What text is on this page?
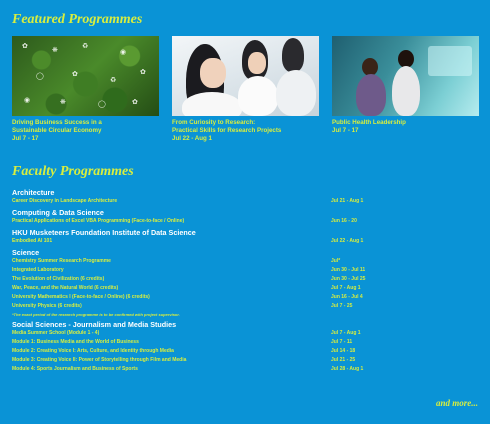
Featured Programmes
✿
❋
♻
◉
◯	✿
♻
✿
◉	❋	◯	✿
Driving Business Success in a
Sustainable Circular Economy
Jul 7 - 17
From Curiosity to Research:
Practical Skills for Research Projects
Jul 22 - Aug 1
Public Health Leadership
Jul 7 - 17
Faculty Programmes
Architecture
Career Discovery in Landscape Architecture	Jul 21 - Aug 1
Computing & Data Science
Practical Applications of Excel VBA Programming (Face-to-face / Online)	Jun 16 - 20
HKU Musketeers Foundation Institute of Data Science
Embodied AI 101	Jul 22 - Aug 1
Science
Chemistry Summer Research Programme	Jul*
Integrated Laboratory	Jun 30 - Jul 11
The Evolution of Civilization (6 credits)	Jun 30 - Jul 25
War, Peace, and the Natural World (6 credits)	Jul 7 - Aug 1
University Mathematics I (Face-to-face / Online) (6 credits)	Jun 16 - Jul 4
University Physics (6 credits)	Jul 7 - 25
*The exact period of the research programme is to be confirmed with project supervisor.
Social Sciences - Journalism and Media Studies
Media Summer School (Module 1 - 4)	Jul 7 - Aug 1
Module 1: Business Media and the World of Business	Jul 7 - 11
Module 2: Creating Voice I: Arts, Culture, and Identity through Media	Jul 14 - 18
Module 3: Creating Voice II: Power of Storytelling through Film and Media	Jul 21 - 25
Module 4: Sports Journalism and Business of Sports	Jul 28 - Aug 1
and more...
